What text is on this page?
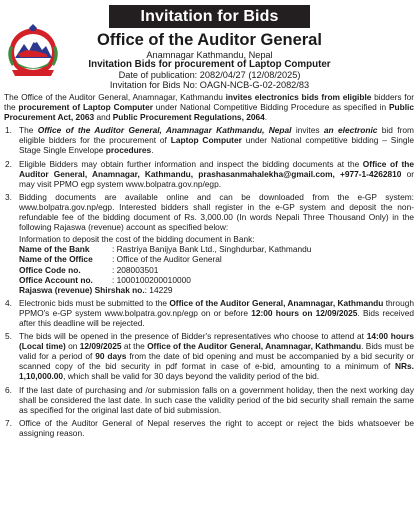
Invitation for Bids
Office of the Auditor General
Anamnagar Kathmandu, Nepal
Invitation Bids for procurement of Laptop Computer
Date of publication: 2082/04/27 (12/08/2025)
Invitation for Bids No: OAGN-NCB-G-02-2082/83

The Office of the Auditor General, Anamnagar, Kathmandu invites electronics bids from eligible bidders for the procurement of Laptop Computer under National Competitive Bidding Procedure as specified in Public Procurement Act, 2063 and Public Procurement Regulations, 2064.

1. The Office of the Auditor General, Anamnagar Kathmandu, Nepal invites an electronic bid from eligible bidders for the procurement of Laptop Computer under National competitive bidding – Single Stage Single Envelope procedures.
2. Eligible Bidders may obtain further information and inspect the bidding documents at the Office of the Auditor General, Anamnagar, Kathmandu, prashasanmahalekha@gmail.com, +977-1-4262810 or may visit PPMO egp system www.bolpatra.gov.np/egp.
3. Bidding documents are available online and can be downloaded from the e-GP system: www.bolpatra.gov.np/egp. Interested bidders shall register in the e-GP system and deposit the non-refundable fee of the bidding document of Rs. 3,000.00 (In words Nepali Three Thousand Only) in the following Rajaswa (revenue) account as specified below:
Information to deposit the cost of the bidding document in Bank:
Name of the Bank	: Rastriya Banijya Bank Ltd., Singhdurbar, Kathmandu
Name of the Office	: Office of the Auditor General
Office Code no.	: 208003501
Office Account no.	: 1000100200010000
Rajaswa (revenue) Shirshak no.: 14229
4. Electronic bids must be submitted to the Office of the Auditor General, Anamnagar, Kathmandu through PPMO's e-GP system www.bolpatra.gov.np/egp on or before 12:00 hours on 12/09/2025. Bids received after this deadline will be rejected.
5. The bids will be opened in the presence of Bidder's representatives who choose to attend at 14:00 hours (Local time) on 12/09/2025 at the Office of the Auditor General, Anamnagar, Kathmandu. Bids must be valid for a period of 90 days from the date of bid opening and must be accompanied by a bid security or scanned copy of the bid security in pdf format in case of e-bid, amounting to a minimum of NRs. 1,10,000.00, which shall be valid for 30 days beyond the validity period of the bid.
6. If the last date of purchasing and /or submission falls on a government holiday, then the next working day shall be considered the last date. In such case the validity period of the bid security shall remain the same as specified for the original last date of bid submission.
7. Office of the Auditor General of Nepal reserves the right to accept or reject the bids whatsoever be assigning reason.
